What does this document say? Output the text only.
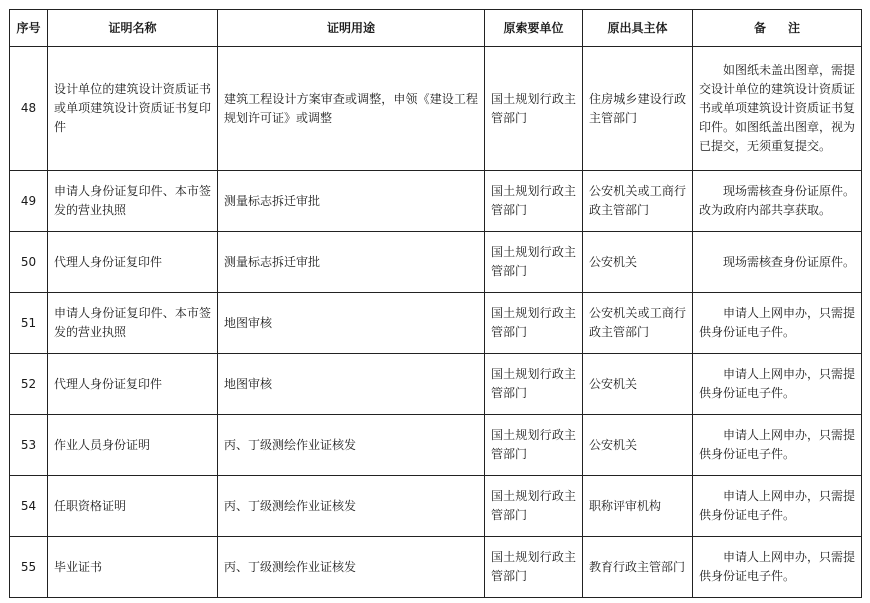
序号	证明名称	证明用途	原索要单位	原出具主体	备注
48	设计单位的建筑设计资质证书或单项建筑设计资质证书复印件	建筑工程设计方案审查或调整，申领《建设工程规划许可证》或调整	国土规划行政主管部门	住房城乡建设行政主管部门	如图纸未盖出图章，需提交设计单位的建筑设计资质证书或单项建筑设计资质证书复印件。如图纸盖出图章，视为已提交，无须重复提交。
49	申请人身份证复印件、本市签发的营业执照	测量标志拆迁审批	国土规划行政主管部门	公安机关或工商行政主管部门	现场需核查身份证原件。改为政府内部共享获取。
50	代理人身份证复印件	测量标志拆迁审批	国土规划行政主管部门	公安机关	现场需核查身份证原件。
51	申请人身份证复印件、本市签发的营业执照	地图审核	国土规划行政主管部门	公安机关或工商行政主管部门	申请人上网申办，只需提供身份证电子件。
52	代理人身份证复印件	地图审核	国土规划行政主管部门	公安机关	申请人上网申办，只需提供身份证电子件。
53	作业人员身份证明	丙、丁级测绘作业证核发	国土规划行政主管部门	公安机关	申请人上网申办，只需提供身份证电子件。
54	任职资格证明	丙、丁级测绘作业证核发	国土规划行政主管部门	职称评审机构	申请人上网申办，只需提供身份证电子件。
55	毕业证书	丙、丁级测绘作业证核发	国土规划行政主管部门	教育行政主管部门	申请人上网申办，只需提供身份证电子件。
